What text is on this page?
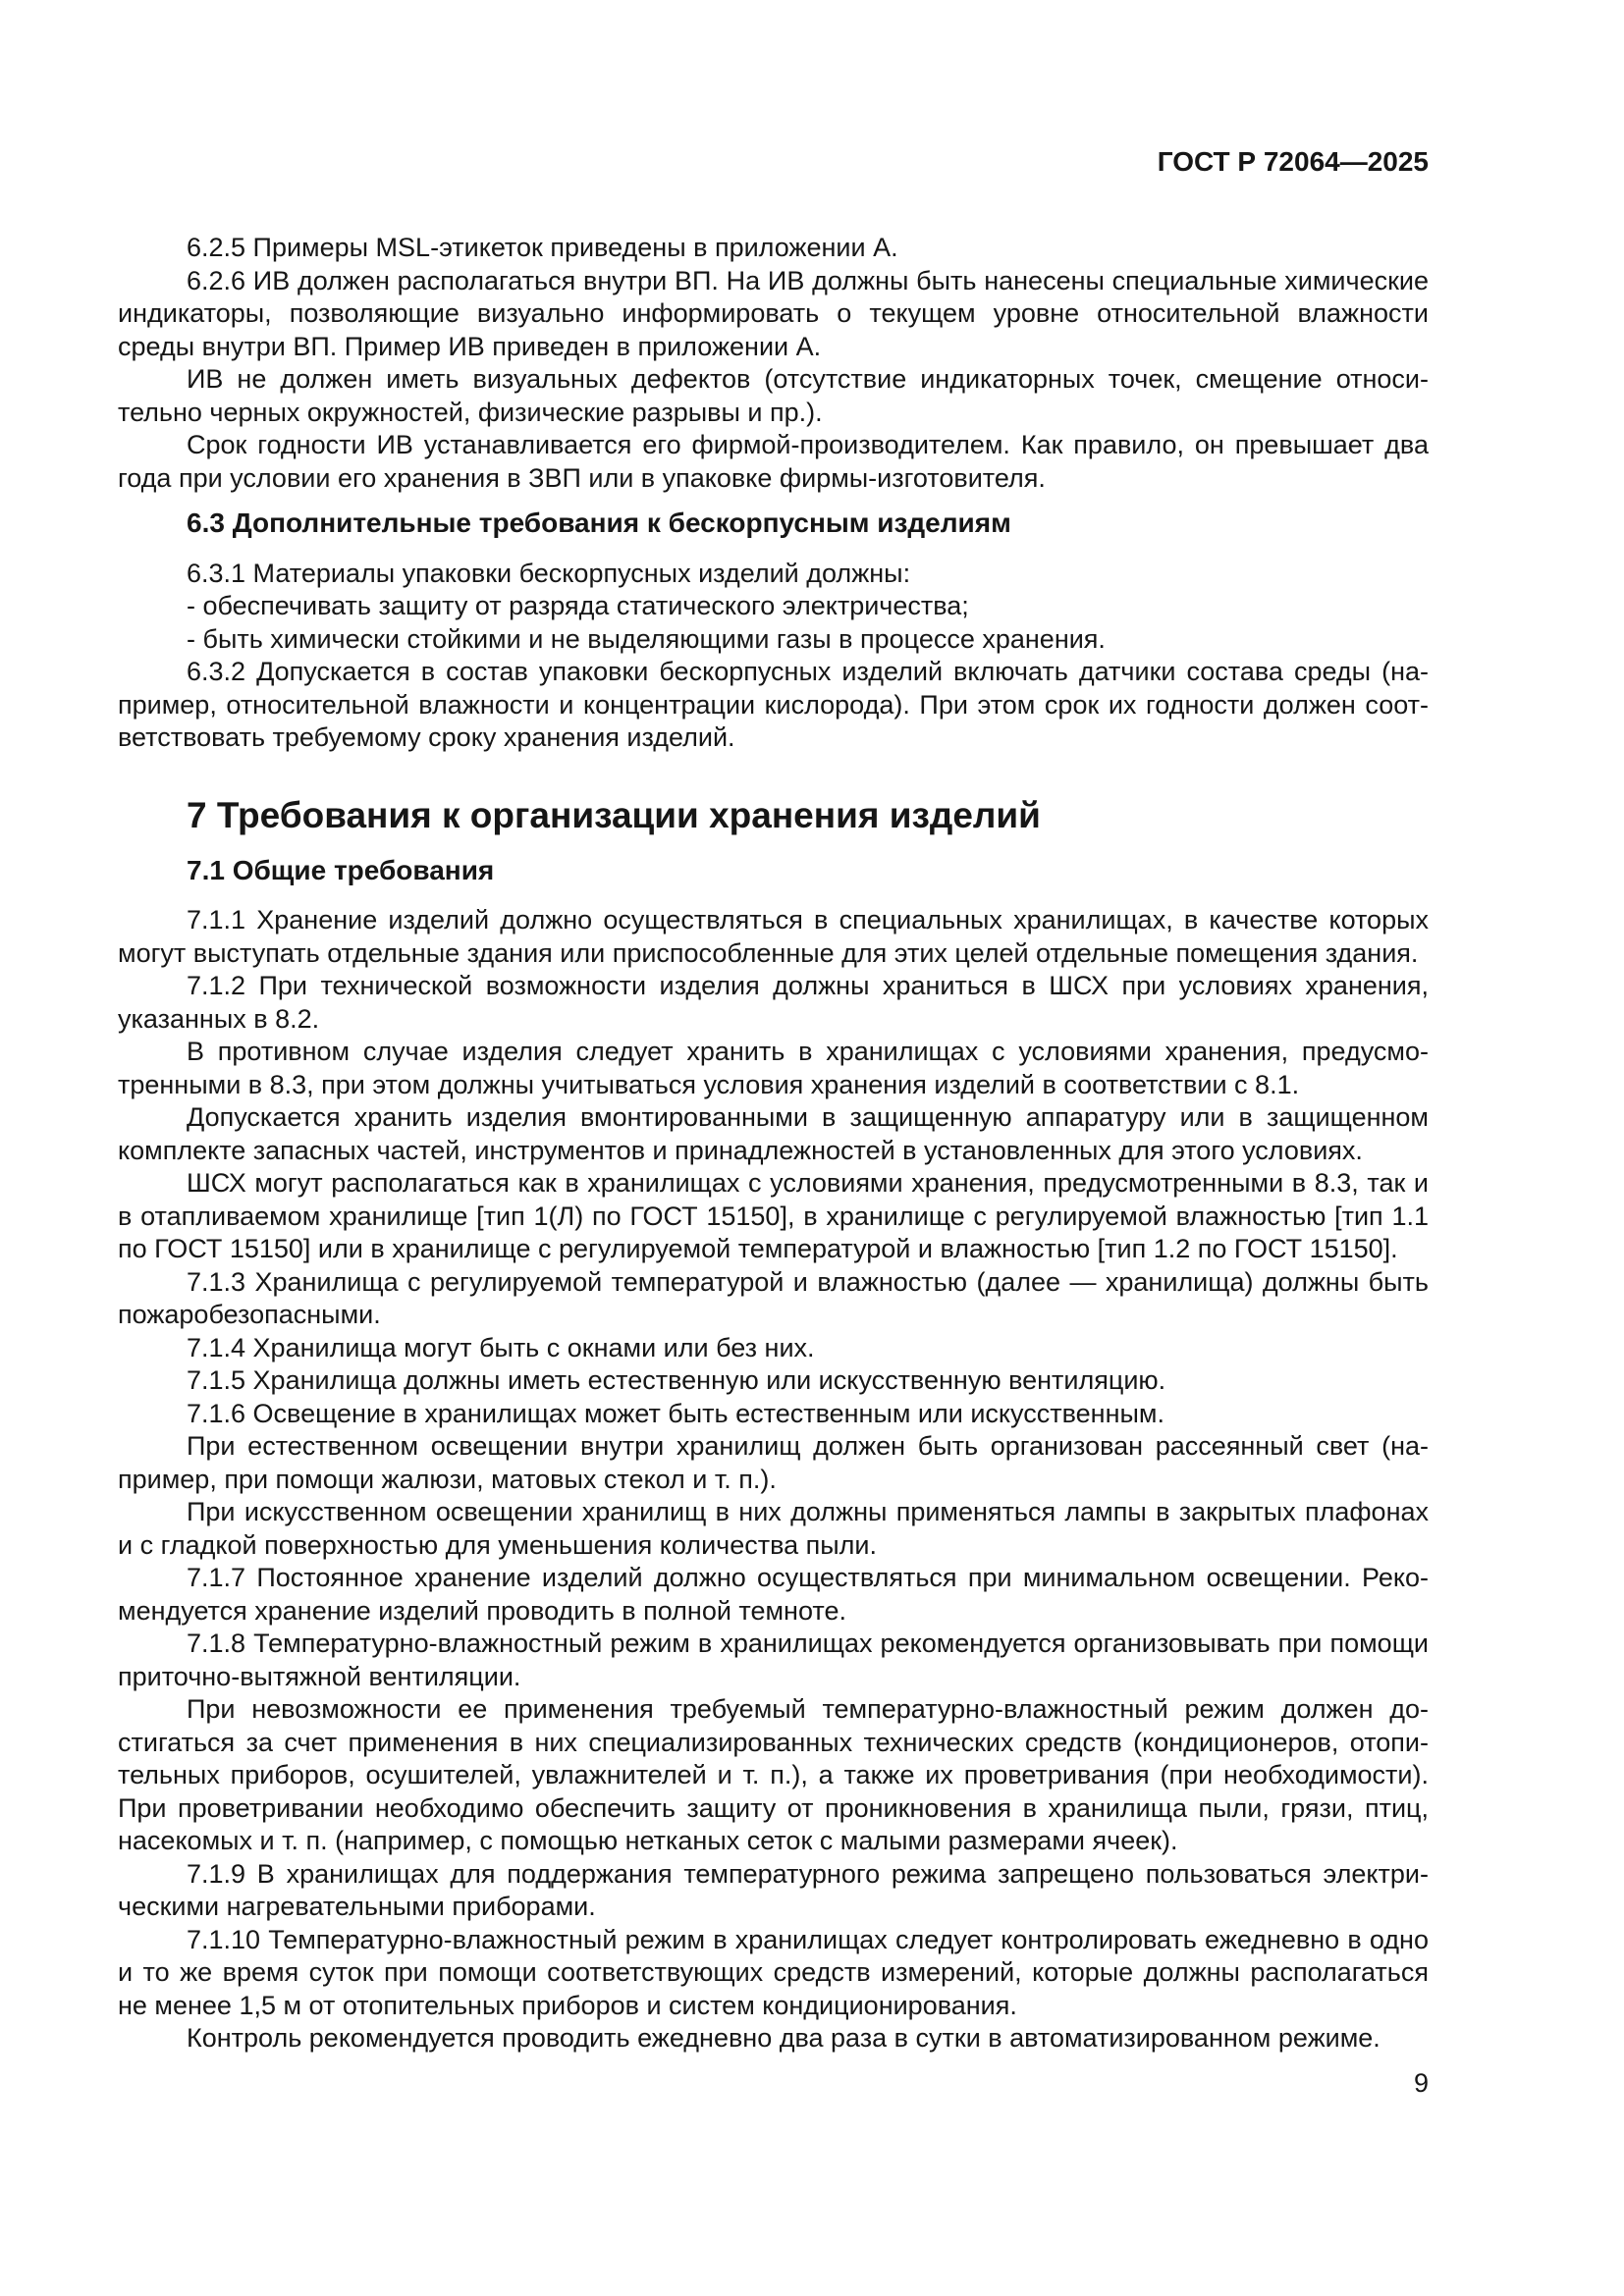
ГОСТ Р 72064—2025

6.2.5 Примеры MSL-этикеток приведены в приложении А.

6.2.6 ИВ должен располагаться внутри ВП. На ИВ должны быть нанесены специальные химические индикаторы, позволяющие визуально информировать о текущем уровне относительной влажности среды внутри ВП. Пример ИВ приведен в приложении А.

ИВ не должен иметь визуальных дефектов (отсутствие индикаторных точек, смещение относительно черных окружностей, физические разрывы и пр.).

Срок годности ИВ устанавливается его фирмой-производителем. Как правило, он превышает два года при условии его хранения в ЗВП или в упаковке фирмы-изготовителя.

6.3 Дополнительные требования к бескорпусным изделиям

6.3.1 Материалы упаковки бескорпусных изделий должны:

- обеспечивать защиту от разряда статического электричества;

- быть химически стойкими и не выделяющими газы в процессе хранения.

6.3.2 Допускается в состав упаковки бескорпусных изделий включать датчики состава среды (например, относительной влажности и концентрации кислорода). При этом срок их годности должен соответствовать требуемому сроку хранения изделий.

7 Требования к организации хранения изделий
7.1 Общие требования

7.1.1 Хранение изделий должно осуществляться в специальных хранилищах, в качестве которых могут выступать отдельные здания или приспособленные для этих целей отдельные помещения здания.

7.1.2 При технической возможности изделия должны храниться в ШСХ при условиях хранения, указанных в 8.2.

В противном случае изделия следует хранить в хранилищах с условиями хранения, предусмотренными в 8.3, при этом должны учитываться условия хранения изделий в соответствии с 8.1.

Допускается хранить изделия вмонтированными в защищенную аппаратуру или в защищенном комплекте запасных частей, инструментов и принадлежностей в установленных для этого условиях.

ШСХ могут располагаться как в хранилищах с условиями хранения, предусмотренными в 8.3, так и в отапливаемом хранилище [тип 1(Л) по ГОСТ 15150], в хранилище с регулируемой влажностью [тип 1.1 по ГОСТ 15150] или в хранилище с регулируемой температурой и влажностью [тип 1.2 по ГОСТ 15150].

7.1.3 Хранилища с регулируемой температурой и влажностью (далее — хранилища) должны быть пожаробезопасными.

7.1.4 Хранилища могут быть с окнами или без них.

7.1.5 Хранилища должны иметь естественную или искусственную вентиляцию.

7.1.6 Освещение в хранилищах может быть естественным или искусственным.

При естественном освещении внутри хранилищ должен быть организован рассеянный свет (например, при помощи жалюзи, матовых стекол и т. п.).

При искусственном освещении хранилищ в них должны применяться лампы в закрытых плафонах и с гладкой поверхностью для уменьшения количества пыли.

7.1.7 Постоянное хранение изделий должно осуществляться при минимальном освещении. Рекомендуется хранение изделий проводить в полной темноте.

7.1.8 Температурно-влажностный режим в хранилищах рекомендуется организовывать при помощи приточно-вытяжной вентиляции.

При невозможности ее применения требуемый температурно-влажностный режим должен достигаться за счет применения в них специализированных технических средств (кондиционеров, отопительных приборов, осушителей, увлажнителей и т. п.), а также их проветривания (при необходимости). При проветривании необходимо обеспечить защиту от проникновения в хранилища пыли, грязи, птиц, насекомых и т. п. (например, с помощью нетканых сеток с малыми размерами ячеек).

7.1.9 В хранилищах для поддержания температурного режима запрещено пользоваться электрическими нагревательными приборами.

7.1.10 Температурно-влажностный режим в хранилищах следует контролировать ежедневно в одно и то же время суток при помощи соответствующих средств измерений, которые должны располагаться не менее 1,5 м от отопительных приборов и систем кондиционирования.

Контроль рекомендуется проводить ежедневно два раза в сутки в автоматизированном режиме.

9
